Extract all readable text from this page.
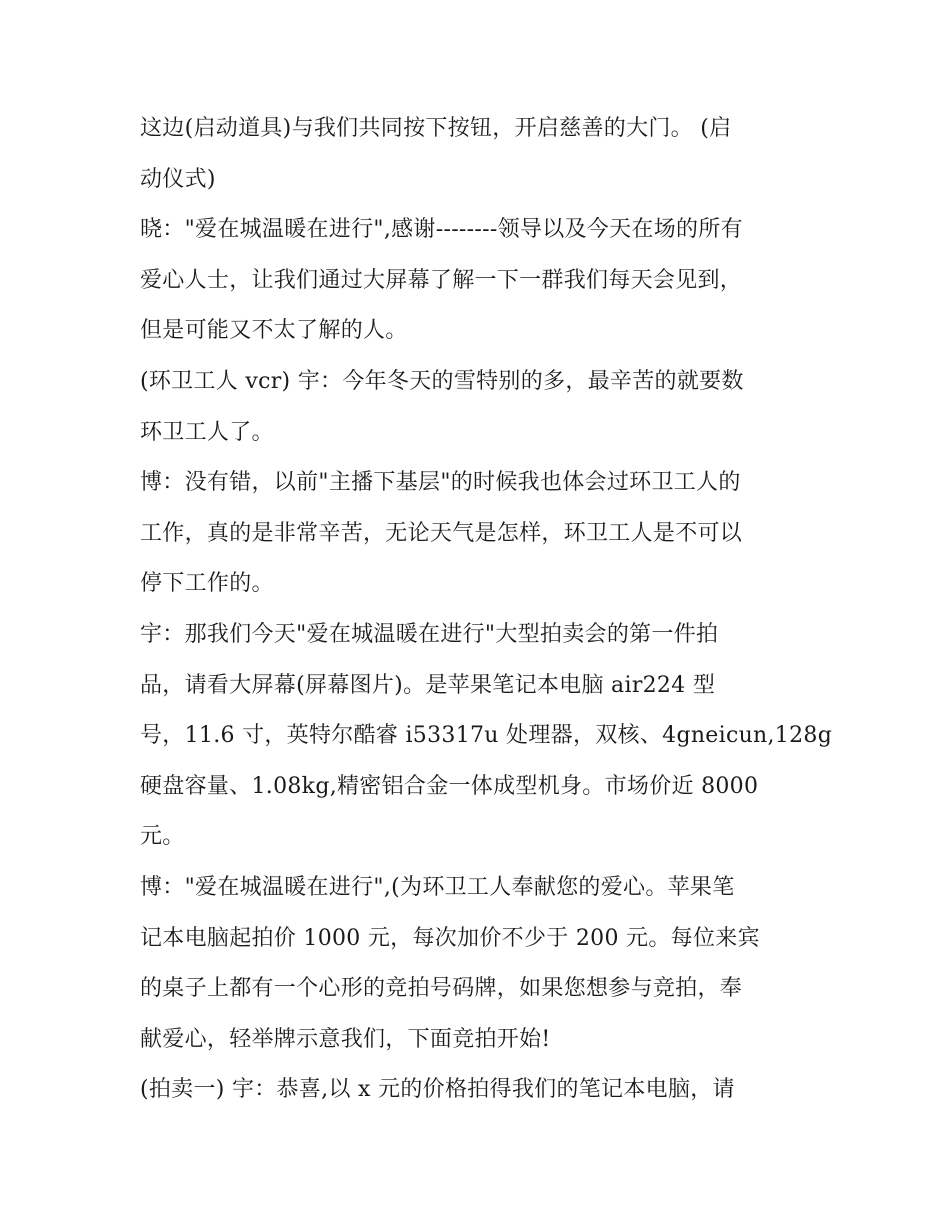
这边(启动道具)与我们共同按下按钮，开启慈善的大门。 (启
动仪式)
晓："爱在城温暖在进行",感谢--------领导以及今天在场的所有
爱心人士，让我们通过大屏幕了解一下一群我们每天会见到，
但是可能又不太了解的人。
(环卫工人 vcr) 宇：今年冬天的雪特别的多，最辛苦的就要数
环卫工人了。
博：没有错，以前"主播下基层"的时候我也体会过环卫工人的
工作，真的是非常辛苦，无论天气是怎样，环卫工人是不可以
停下工作的。
宇：那我们今天"爱在城温暖在进行"大型拍卖会的第一件拍
品，请看大屏幕(屏幕图片)。是苹果笔记本电脑 air224 型
号，11.6 寸，英特尔酷睿 i53317u 处理器，双核、4gneicun,128g
硬盘容量、1.08kg,精密铝合金一体成型机身。市场价近 8000
元。
博："爱在城温暖在进行",(为环卫工人奉献您的爱心。苹果笔
记本电脑起拍价 1000 元，每次加价不少于 200 元。每位来宾
的桌子上都有一个心形的竞拍号码牌，如果您想参与竞拍，奉
献爱心，轻举牌示意我们，下面竞拍开始!
(拍卖一) 宇：恭喜,以 x 元的价格拍得我们的笔记本电脑，请
